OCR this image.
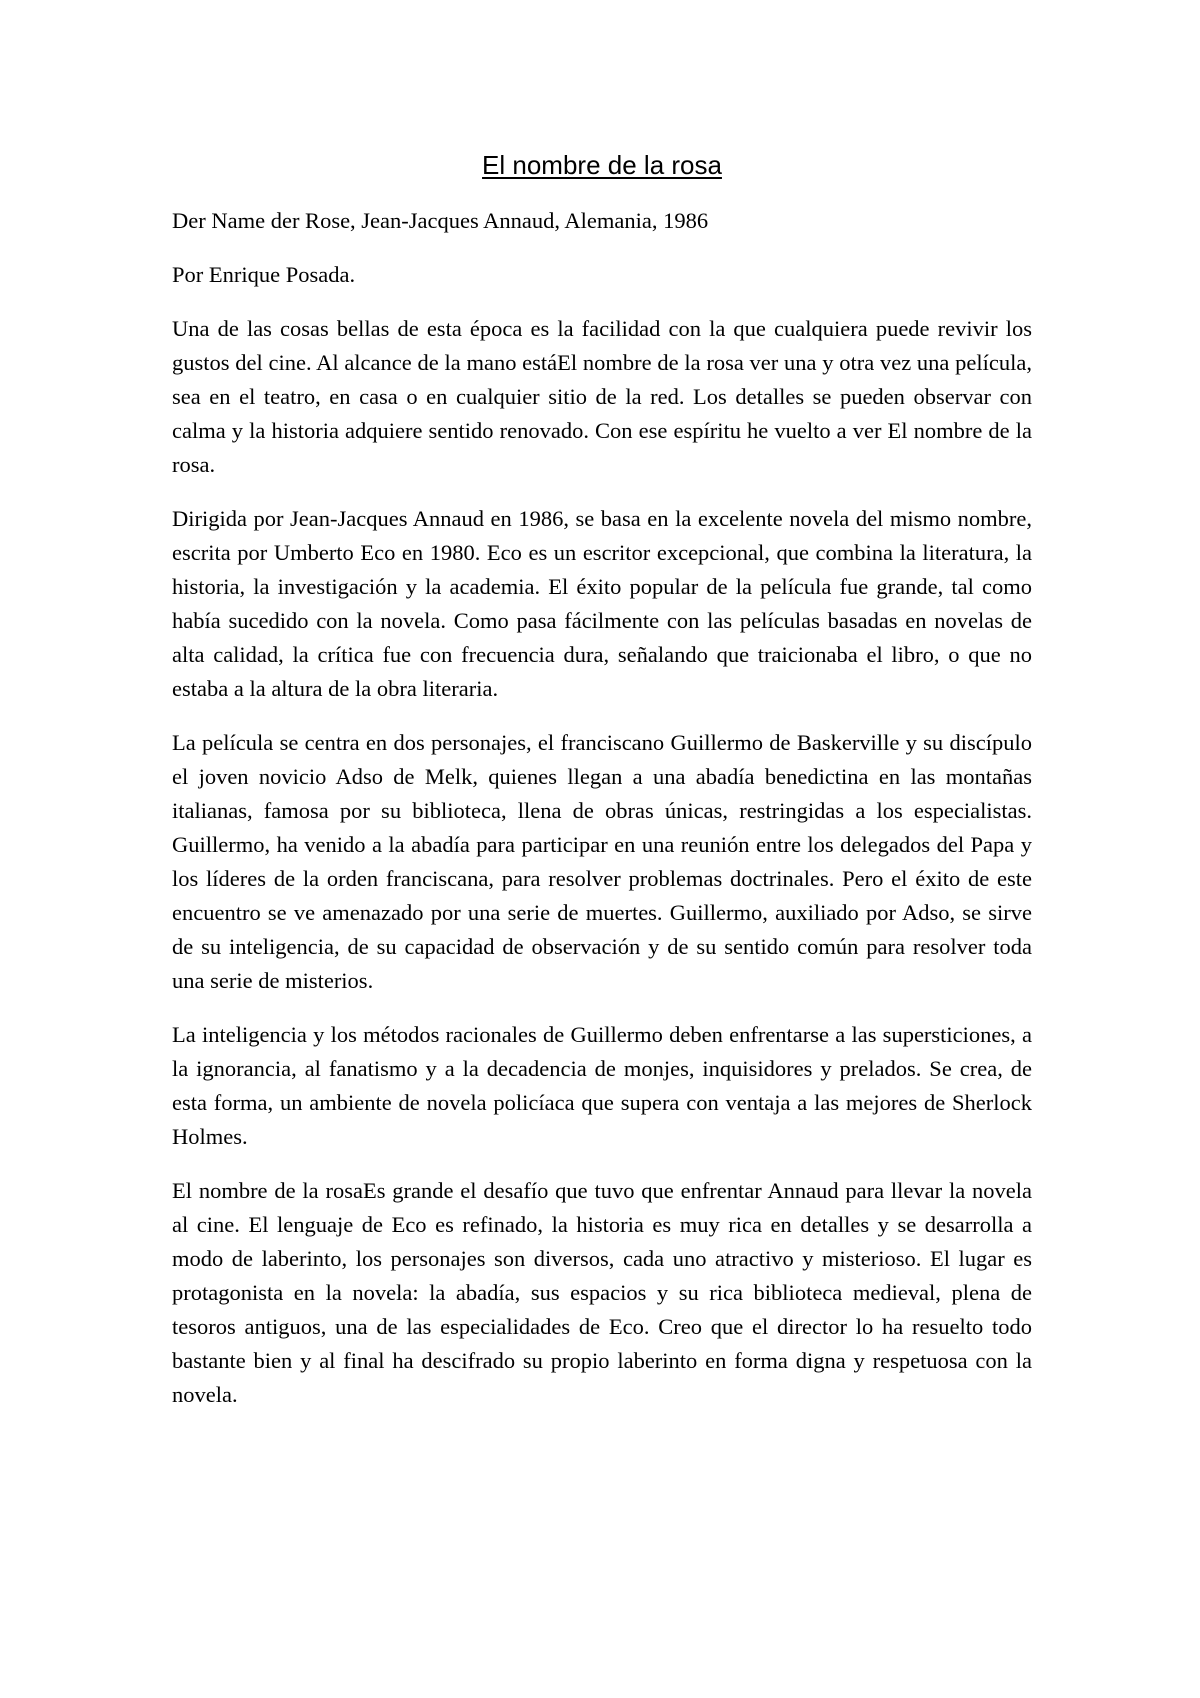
El nombre de la rosa

Der Name der Rose, Jean-Jacques Annaud, Alemania, 1986

Por Enrique Posada.

Una de las cosas bellas de esta época es la facilidad con la que cualquiera puede revivir los gustos del cine. Al alcance de la mano estáEl nombre de la rosa ver una y otra vez una película, sea en el teatro, en casa o en cualquier sitio de la red. Los detalles se pueden observar con calma y la historia adquiere sentido renovado. Con ese espíritu he vuelto a ver El nombre de la rosa.

Dirigida por Jean-Jacques Annaud en 1986, se basa en la excelente novela del mismo nombre, escrita por Umberto Eco en 1980. Eco es un escritor excepcional, que combina la literatura, la historia, la investigación y la academia. El éxito popular de la película fue grande, tal como había sucedido con la novela. Como pasa fácilmente con las películas basadas en novelas de alta calidad, la crítica fue con frecuencia dura, señalando que traicionaba el libro, o que no estaba a la altura de la obra literaria.

La película se centra en dos personajes, el franciscano Guillermo de Baskerville y su discípulo el joven novicio Adso de Melk, quienes llegan a una abadía benedictina en las montañas italianas, famosa por su biblioteca, llena de obras únicas, restringidas a los especialistas. Guillermo, ha venido a la abadía para participar en una reunión entre los delegados del Papa y los líderes de la orden franciscana, para resolver problemas doctrinales. Pero el éxito de este encuentro se ve amenazado por una serie de muertes. Guillermo, auxiliado por Adso, se sirve de su inteligencia, de su capacidad de observación y de su sentido común para resolver toda una serie de misterios.

La inteligencia y los métodos racionales de Guillermo deben enfrentarse a las supersticiones, a la ignorancia, al fanatismo y a la decadencia de monjes, inquisidores y prelados. Se crea, de esta forma, un ambiente de novela policíaca que supera con ventaja a las mejores de Sherlock Holmes.

El nombre de la rosaEs grande el desafío que tuvo que enfrentar Annaud para llevar la novela al cine. El lenguaje de Eco es refinado, la historia es muy rica en detalles y se desarrolla a modo de laberinto, los personajes son diversos, cada uno atractivo y misterioso. El lugar es protagonista en la novela: la abadía, sus espacios y su rica biblioteca medieval, plena de tesoros antiguos, una de las especialidades de Eco. Creo que el director lo ha resuelto todo bastante bien y al final ha descifrado su propio laberinto en forma digna y respetuosa con la novela.
